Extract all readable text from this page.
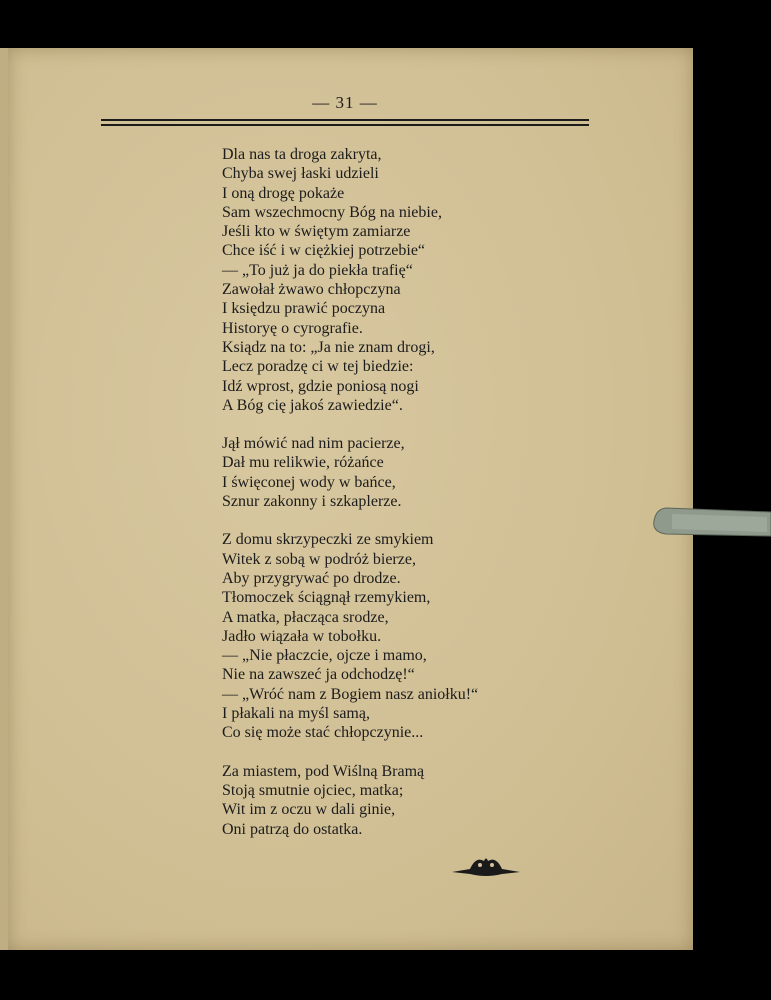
— 31 —
Dla nas ta droga zakryta,
Chyba swej łaski udzieli
I oną drogę pokaże
Sam wszechmocny Bóg na niebie,
Jeśli kto w świętym zamiarze
Chce iść i w ciężkiej potrzebie“
— „To już ja do piekła trafię“
Zawołał żwawo chłopczyna
I księdzu prawić poczyna
Historyę o cyrografie.
Ksiądz na to: „Ja nie znam drogi,
Lecz poradzę ci w tej biedzie:
Idź wprost, gdzie poniosą nogi
A Bóg cię jakoś zawiedzie“.
Jął mówić nad nim pacierze,
Dał mu relikwie, różańce
I święconej wody w bańce,
Sznur zakonny i szkaplerze.
Z domu skrzypeczki ze smykiem
Witek z sobą w podróż bierze,
Aby przygrywać po drodze.
Tłomoczek ściągnął rzemykiem,
A matka, płacząca srodze,
Jadło wiązała w tobołku.
— „Nie płaczcie, ojcze i mamo,
Nie na zawszeć ja odchodzę!“
— „Wróć nam z Bogiem nasz aniołku!“
I płakali na myśl samą,
Co się może stać chłopczynie...
Za miastem, pod Wiślną Bramą
Stoją smutnie ojciec, matka;
Wit im z oczu w dali ginie,
Oni patrzą do ostatka.
